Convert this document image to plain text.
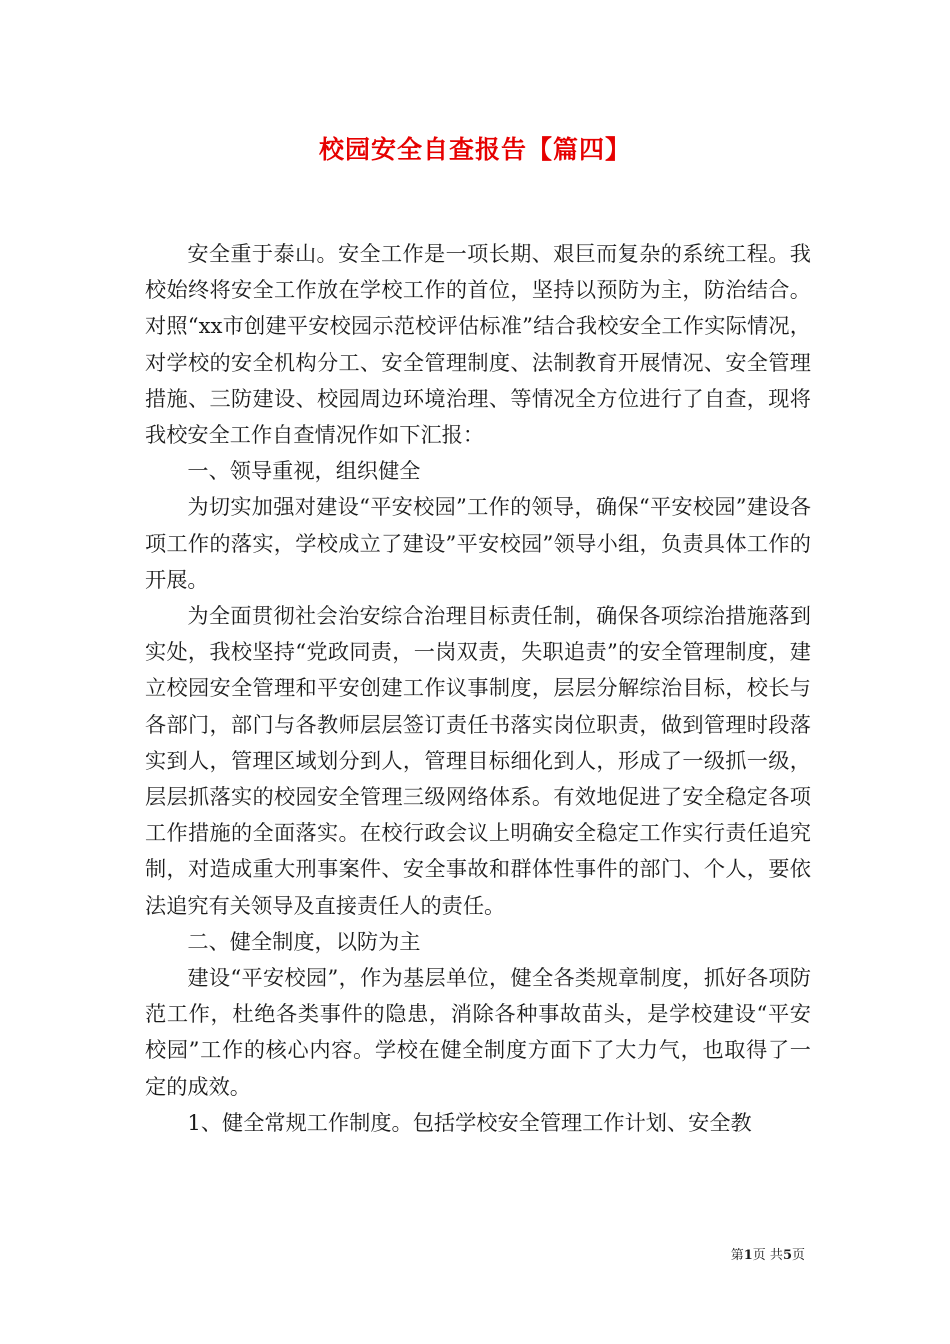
校园安全自查报告【篇四】

安全重于泰山。安全工作是一项长期、艰巨而复杂的系统工程。我校始终将安全工作放在学校工作的首位，坚持以预防为主，防治结合。对照“xx市创建平安校园示范校评估标准”结合我校安全工作实际情况，对学校的安全机构分工、安全管理制度、法制教育开展情况、安全管理措施、三防建设、校园周边环境治理、等情况全方位进行了自查，现将我校安全工作自查情况作如下汇报：

一、领导重视，组织健全

为切实加强对建设“平安校园”工作的领导，确保“平安校园”建设各项工作的落实，学校成立了建设”平安校园”领导小组，负责具体工作的开展。

为全面贯彻社会治安综合治理目标责任制，确保各项综治措施落到实处，我校坚持“党政同责，一岗双责，失职追责”的安全管理制度，建立校园安全管理和平安创建工作议事制度，层层分解综治目标，校长与各部门，部门与各教师层层签订责任书落实岗位职责，做到管理时段落实到人，管理区域划分到人，管理目标细化到人，形成了一级抓一级，层层抓落实的校园安全管理三级网络体系。有效地促进了安全稳定各项工作措施的全面落实。在校行政会议上明确安全稳定工作实行责任追究制，对造成重大刑事案件、安全事故和群体性事件的部门、个人，要依法追究有关领导及直接责任人的责任。

二、健全制度，以防为主

建设“平安校园”，作为基层单位，健全各类规章制度，抓好各项防范工作，杜绝各类事件的隐患，消除各种事故苗头，是学校建设“平安校园”工作的核心内容。学校在健全制度方面下了大力气，也取得了一定的成效。

1、健全常规工作制度。包括学校安全管理工作计划、安全教

第1页 共5页
